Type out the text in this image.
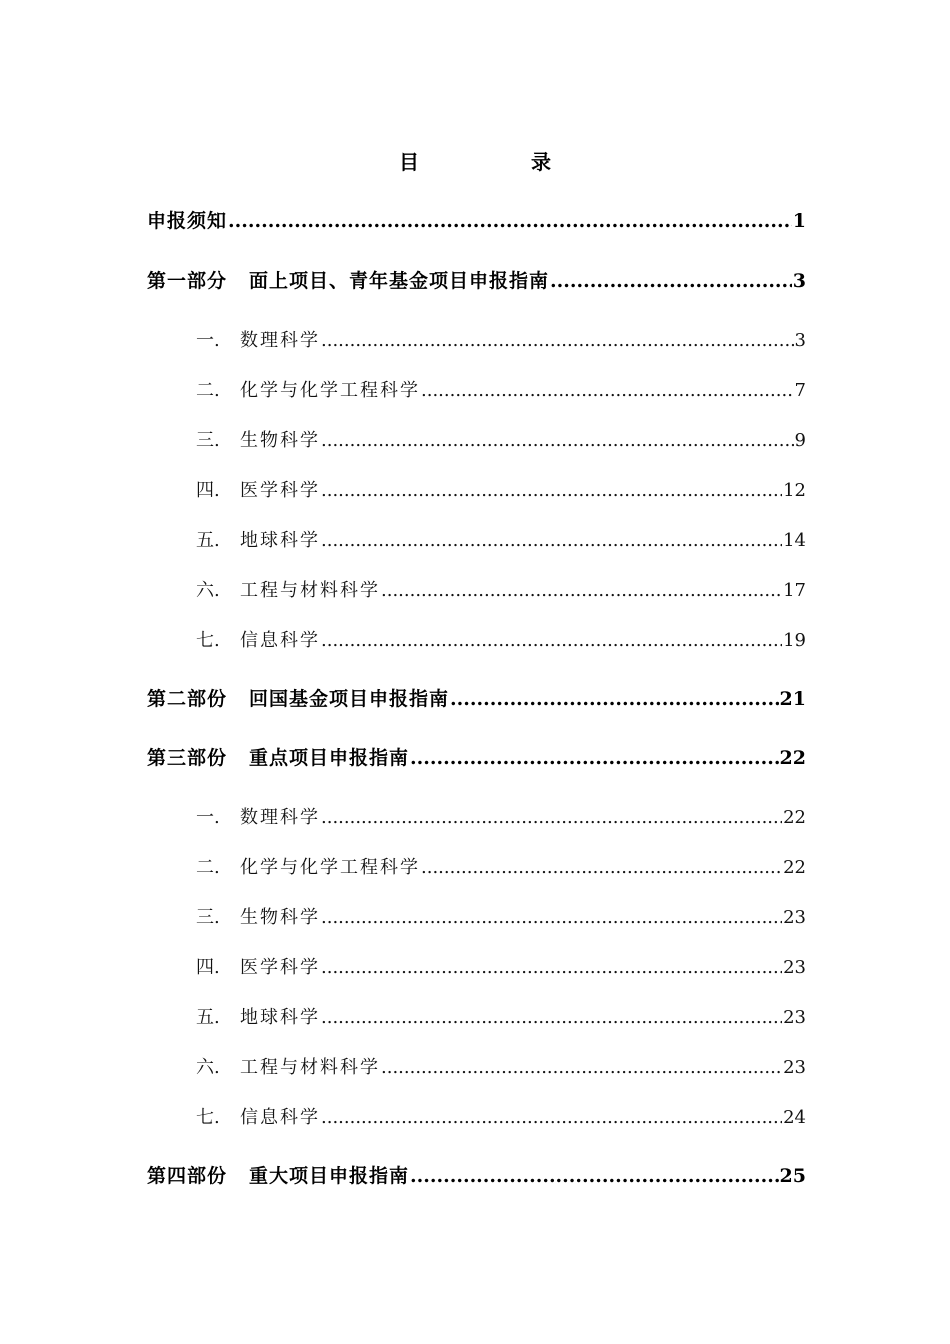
目　录
申报须知 .....	1
第一部分 面上项目、青年基金项目申报指南 .....	3
一. 数理科学 .....	3
二. 化学与化学工程科学 .....	7
三. 生物科学 .....	9
四. 医学科学 .....	12
五. 地球科学 .....	14
六. 工程与材料科学 .....	17
七. 信息科学 .....	19
第二部份 回国基金项目申报指南 .....	21
第三部份 重点项目申报指南 .....	22
一. 数理科学 .....	22
二. 化学与化学工程科学 .....	22
三. 生物科学 .....	23
四. 医学科学 .....	23
五. 地球科学 .....	23
六. 工程与材料科学 .....	23
七. 信息科学 .....	24
第四部份 重大项目申报指南 .....	25
